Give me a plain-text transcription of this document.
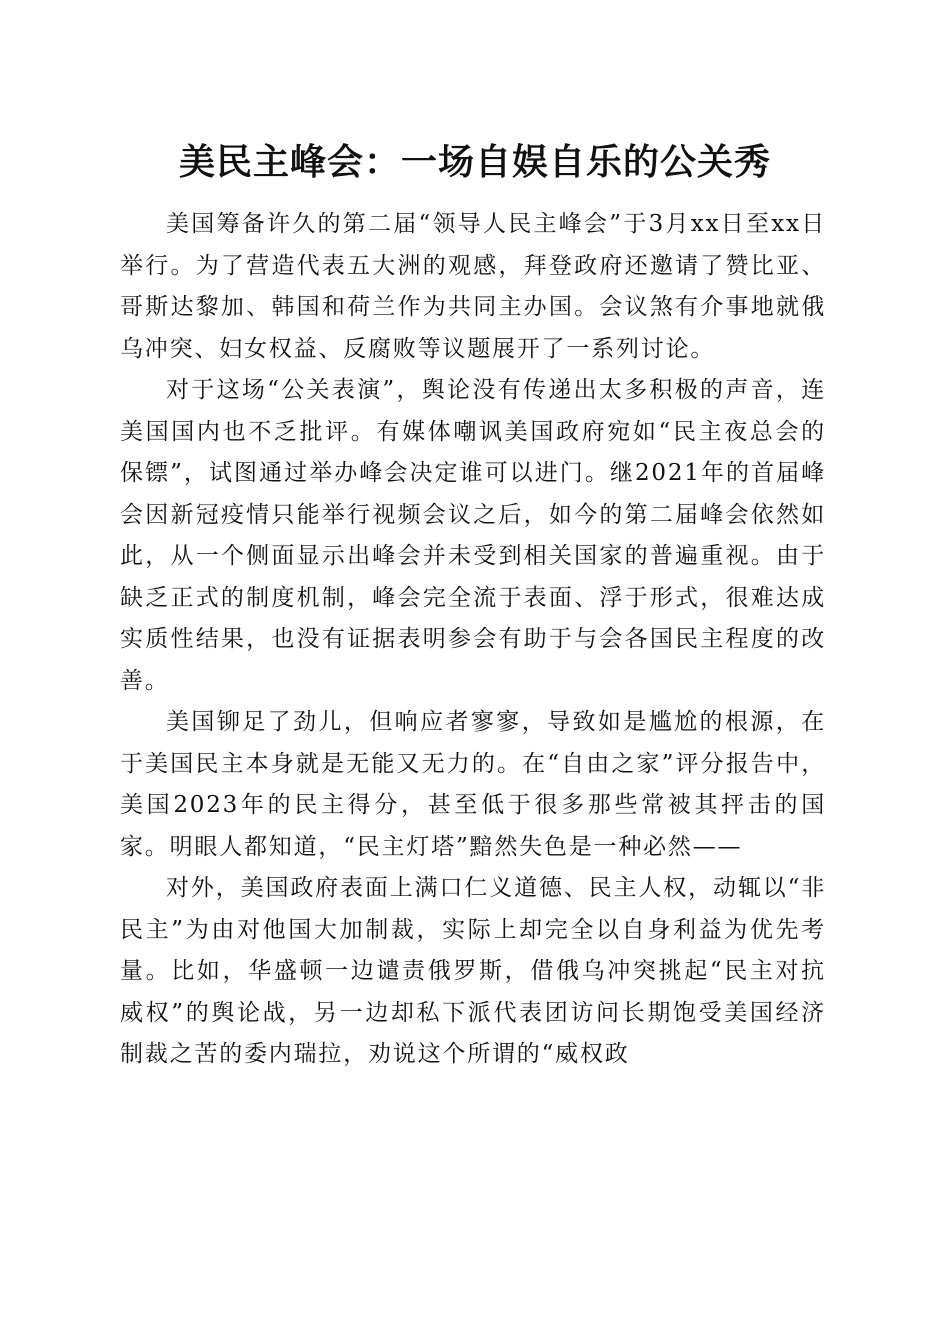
美民主峰会：一场自娱自乐的公关秀

美国筹备许久的第二届“领导人民主峰会”于3月xx日至xx日举行。为了营造代表五大洲的观感，拜登政府还邀请了赞比亚、哥斯达黎加、韩国和荷兰作为共同主办国。会议煞有介事地就俄乌冲突、妇女权益、反腐败等议题展开了一系列讨论。

对于这场“公关表演”，舆论没有传递出太多积极的声音，连美国国内也不乏批评。有媒体嘲讽美国政府宛如“民主夜总会的保镖”，试图通过举办峰会决定谁可以进门。继2021年的首届峰会因新冠疫情只能举行视频会议之后，如今的第二届峰会依然如此，从一个侧面显示出峰会并未受到相关国家的普遍重视。由于缺乏正式的制度机制，峰会完全流于表面、浮于形式，很难达成实质性结果，也没有证据表明参会有助于与会各国民主程度的改善。

美国铆足了劲儿，但响应者寥寥，导致如是尴尬的根源，在于美国民主本身就是无能又无力的。在“自由之家”评分报告中，美国2023年的民主得分，甚至低于很多那些常被其抨击的国家。明眼人都知道，“民主灯塔”黯然失色是一种必然——

对外，美国政府表面上满口仁义道德、民主人权，动辄以“非民主”为由对他国大加制裁，实际上却完全以自身利益为优先考量。比如，华盛顿一边谴责俄罗斯，借俄乌冲突挑起“民主对抗威权”的舆论战，另一边却私下派代表团访问长期饱受美国经济制裁之苦的委内瑞拉，劝说这个所谓的“威权政
